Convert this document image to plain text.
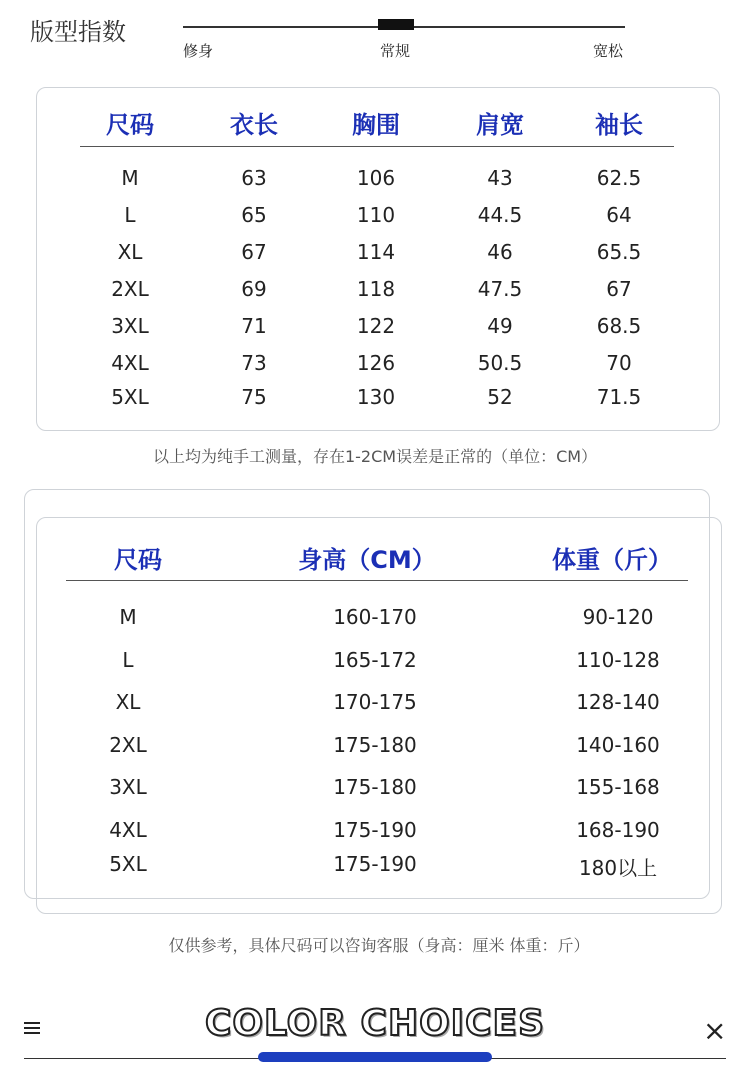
版型指数
修身	常规	宽松
尺码	衣长	胸围	肩宽	袖长
M	63	106	43	62.5
L	65	110	44.5	64
XL	67	114	46	65.5
2XL	69	118	47.5	67
3XL	71	122	49	68.5
4XL	73	126	50.5	70
5XL	75	130	52	71.5
以上均为纯手工测量，存在1-2CM误差是正常的（单位：CM）
尺码	身高（CM）	体重（斤）
M	160-170	90-120
L	165-172	110-128
XL	170-175	128-140
2XL	175-180	140-160
3XL	175-180	155-168
4XL	175-190	168-190
5XL	175-190	180以上
仅供参考，具体尺码可以咨询客服（身高：厘米 体重：斤）
COLOR CHOICES	×
